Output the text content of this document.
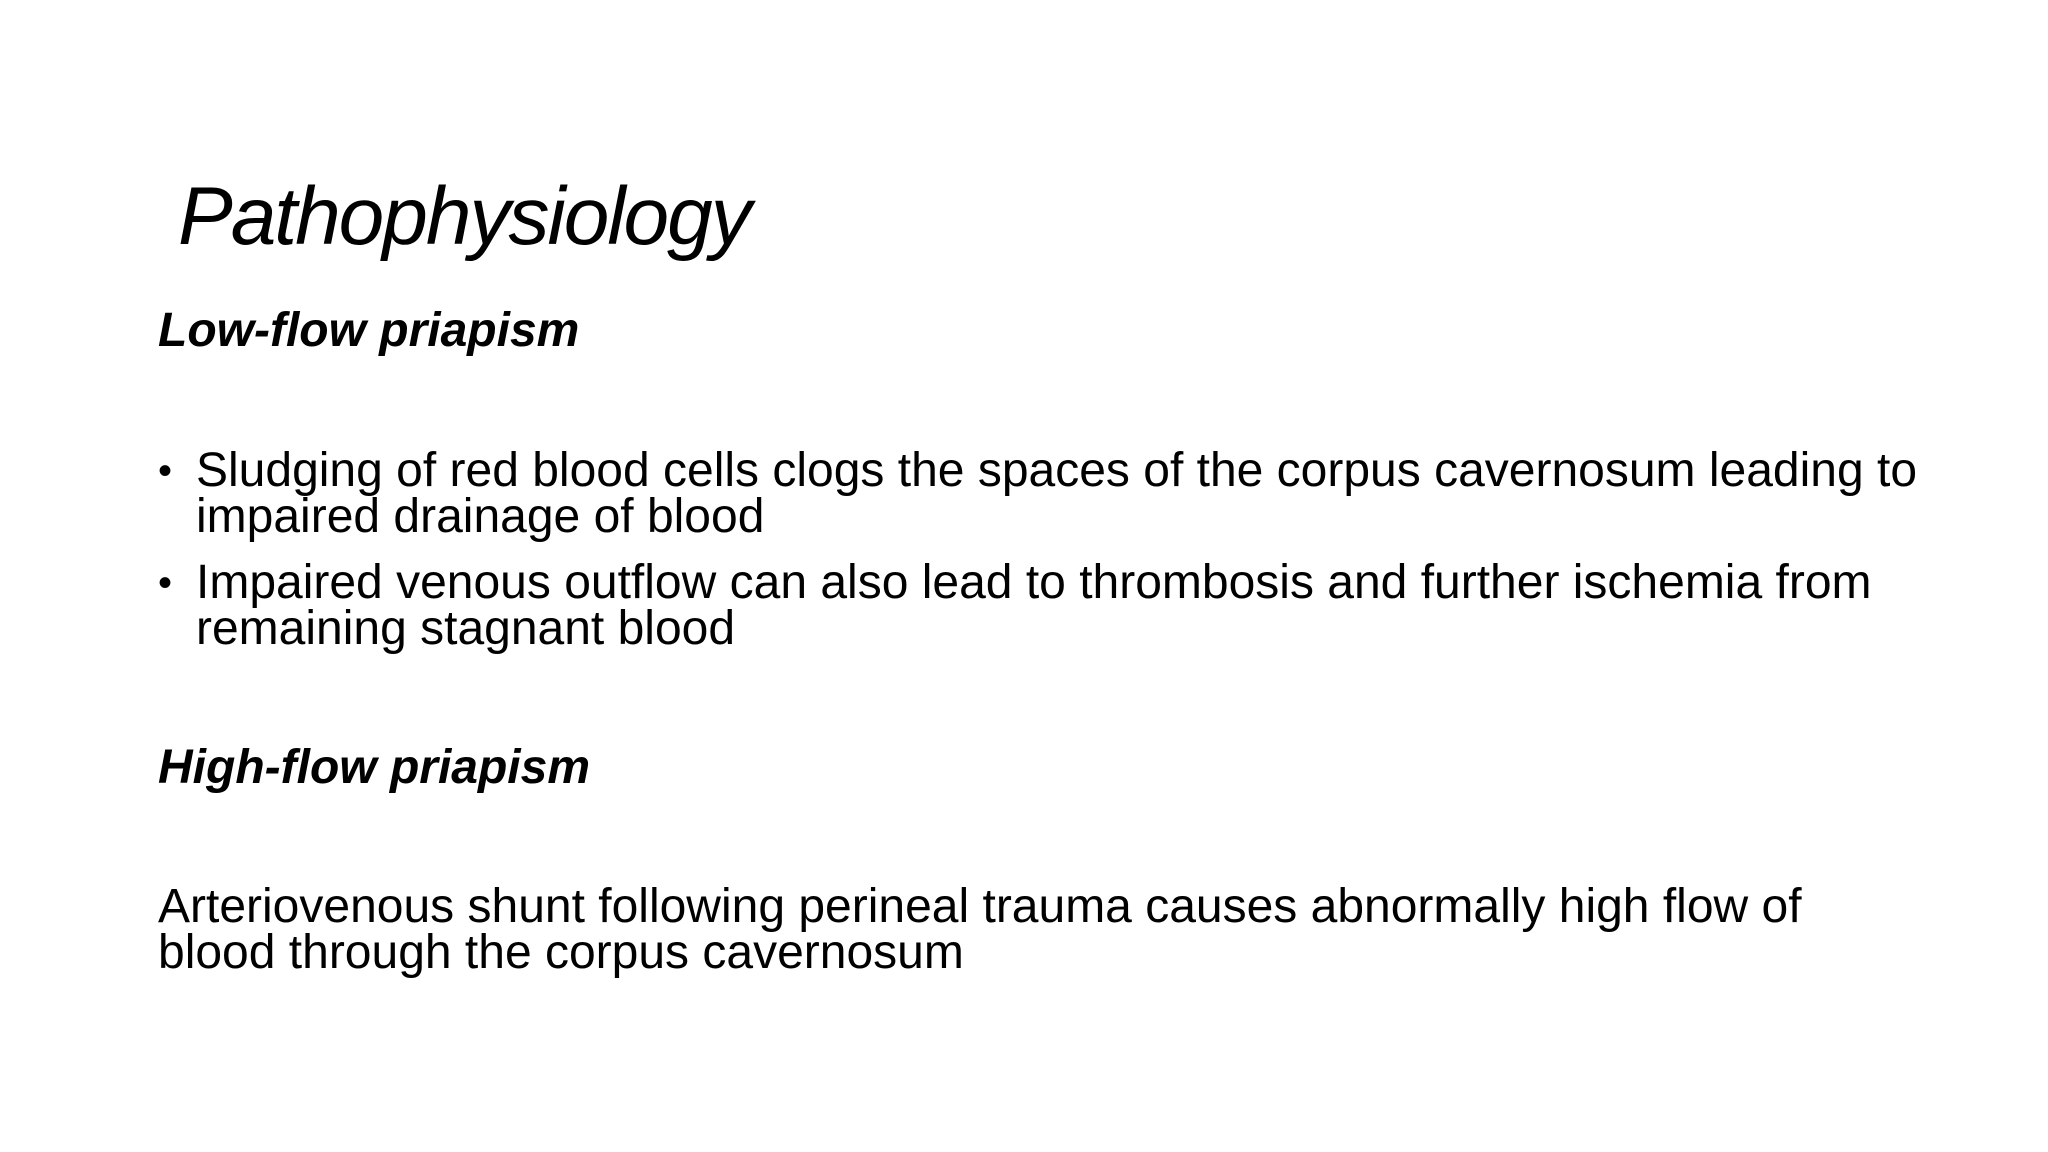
Pathophysiology
Low-flow priapism
• Sludging of red blood cells clogs the spaces of the corpus cavernosum leading to impaired drainage of blood
• Impaired venous outflow can also lead to thrombosis and further ischemia from remaining stagnant blood
High-flow priapism

Arteriovenous shunt following perineal trauma causes abnormally high flow of blood through the corpus cavernosum
